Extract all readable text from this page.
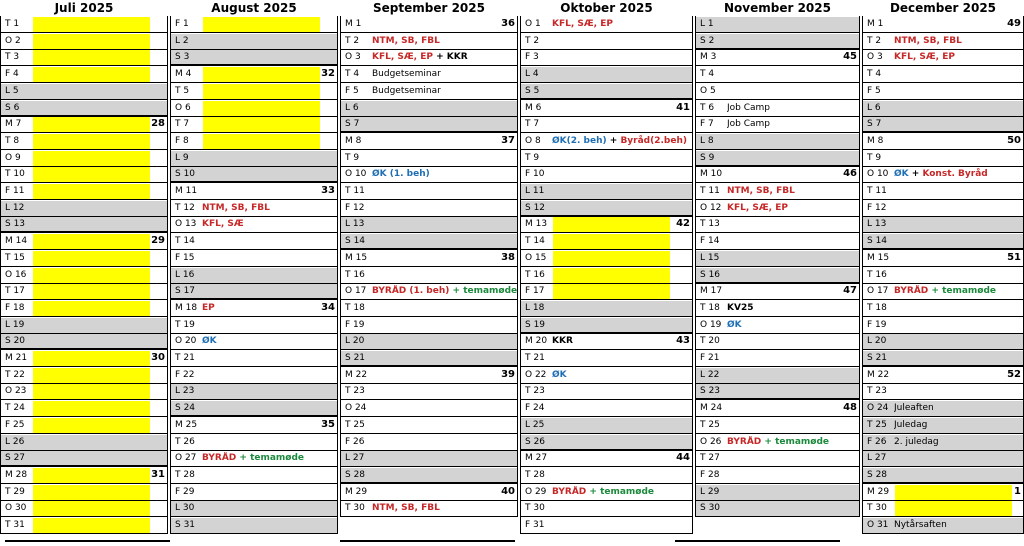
Juli 2025
T 1
O 2
T 3
F 4
L 5
S 6
M 7	28
T 8
O 9
T 10
F 11
L 12
S 13
M 14	29
T 15
O 16
T 17
F 18
L 19
S 20
M 21	30
T 22
O 23
T 24
F 25
L 26
S 27
M 28	31
T 29
O 30
T 31
August 2025
F 1
L 2
S 3
M 4	32
T 5
O 6
T 7
F 8
L 9
S 10
M 11	33
T 12 NTM, SB, FBL
O 13 KFL, SÆ
T 14
F 15
L 16
S 17
M 18 EP	34
T 19
O 20 ØK
T 21
F 22
L 23
S 24
M 25	35
T 26
O 27 BYRÅD + temamøde
T 28
F 29
L 30
S 31
September 2025
M 1	36
T 2 NTM, SB, FBL
O 3 KFL, SÆ, EP + KKR
T 4 Budgetseminar
F 5 Budgetseminar
L 6
S 7
M 8	37
T 9
O 10 ØK (1. beh)
T 11
F 12
L 13
S 14
M 15	38
T 16
O 17 BYRÅD (1. beh) + temamøde
T 18
F 19
L 20
S 21
M 22	39
T 23
O 24
T 25
F 26
L 27
S 28
M 29	40
T 30 NTM, SB, FBL
Oktober 2025
O 1 KFL, SÆ, EP
T 2
F 3
L 4
S 5
M 6	41
T 7
O 8 ØK(2. beh) + Byråd(2.beh)
T 9
F 10
L 11
S 12
M 13	42
T 14
O 15
T 16
F 17
L 18
S 19
M 20 KKR	43
T 21
O 22 ØK
T 23
F 24
L 25
S 26
M 27	44
T 28
O 29 BYRÅD + temamøde
T 30
F 31
November 2025
L 1
S 2
M 3	45
T 4
O 5
T 6 Job Camp
F 7 Job Camp
L 8
S 9
M 10	46
T 11 NTM, SB, FBL
O 12 KFL, SÆ, EP
T 13
F 14
L 15
S 16
M 17	47
T 18 KV25
O 19 ØK
T 20
F 21
L 22
S 23
M 24	48
T 25
O 26 BYRÅD + temamøde
T 27
F 28
L 29
S 30
December 2025
M 1	49
T 2 NTM, SB, FBL
O 3 KFL, SÆ, EP
T 4
F 5
L 6
S 7
M 8	50
T 9
O 10 ØK + Konst. Byråd
T 11
F 12
L 13
S 14
M 15	51
T 16
O 17 BYRÅD + temamøde
T 18
F 19
L 20
S 21
M 22	52
T 23
O 24 Juleaften
T 25 Juledag
F 26 2. juledag
L 27
S 28
M 29	1
T 30
O 31 Nytårsaften
